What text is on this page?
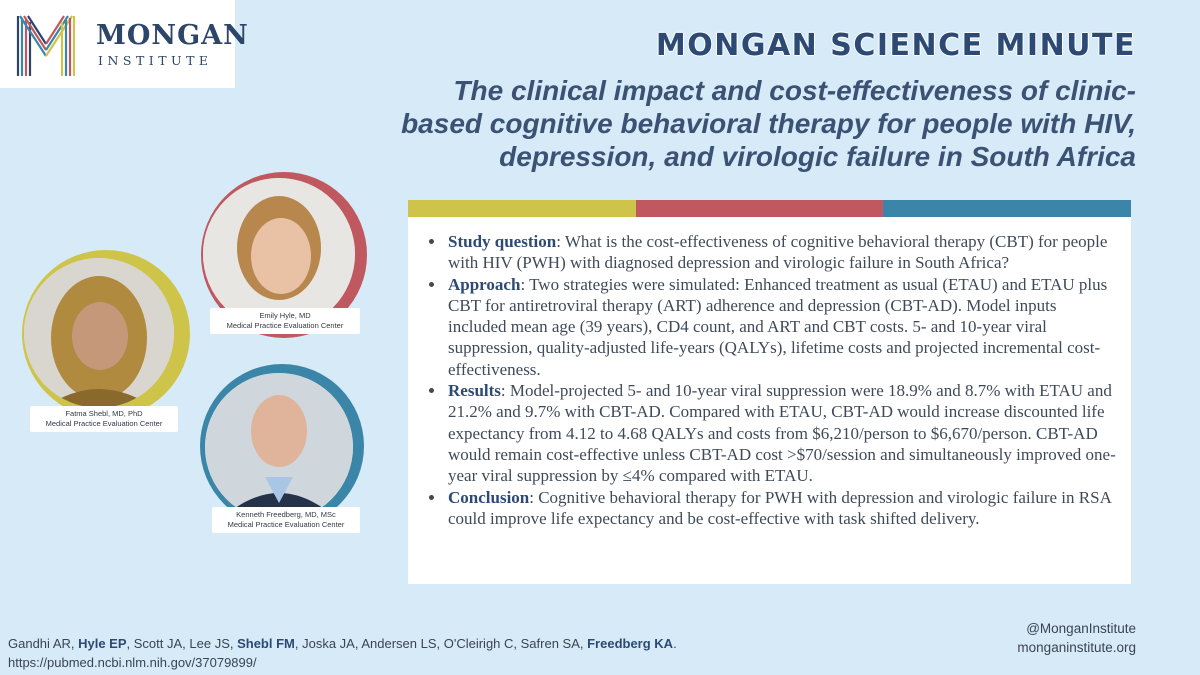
MONGAN
INSTITUTE	MONGAN SCIENCE MINUTE
The clinical impact and cost-effectiveness of clinic-based cognitive behavioral therapy for people with HIV, depression, and virologic failure in South Africa
• Study question: What is the cost-effectiveness of cognitive behavioral therapy (CBT) for people with HIV (PWH) with diagnosed depression and virologic failure in South Africa?
• Approach: Two strategies were simulated: Enhanced treatment as usual (ETAU) and ETAU plus CBT for antiretroviral therapy (ART) adherence and depression (CBT-AD). Model inputs included mean age (39 years), CD4 count, and ART and CBT costs. 5- and 10-year viral suppression, quality-adjusted life-years (QALYs), lifetime costs and projected incremental cost-effectiveness.
• Results: Model-projected 5- and 10-year viral suppression were 18.9% and 8.7% with ETAU and 21.2% and 9.7% with CBT-AD. Compared with ETAU, CBT-AD would increase discounted life expectancy from 4.12 to 4.68 QALYs and costs from $6,210/person to $6,670/person. CBT-AD would remain cost-effective unless CBT-AD cost >$70/session and simultaneously improved one-year viral suppression by ≤4% compared with ETAU.
• Conclusion: Cognitive behavioral therapy for PWH with depression and virologic failure in RSA could improve life expectancy and be cost-effective with task shifted delivery.
Emily Hyle, MD
Medical Practice Evaluation Center
Fatma Shebl, MD, PhD
Medical Practice Evaluation Center
Kenneth Freedberg, MD, MSc
Medical Practice Evaluation Center
Gandhi AR, Hyle EP, Scott JA, Lee JS, Shebl FM, Joska JA, Andersen LS, O'Cleirigh C, Safren SA, Freedberg KA.
https://pubmed.ncbi.nlm.nih.gov/37079899/
@MonganInstitute
monganinstitute.org
